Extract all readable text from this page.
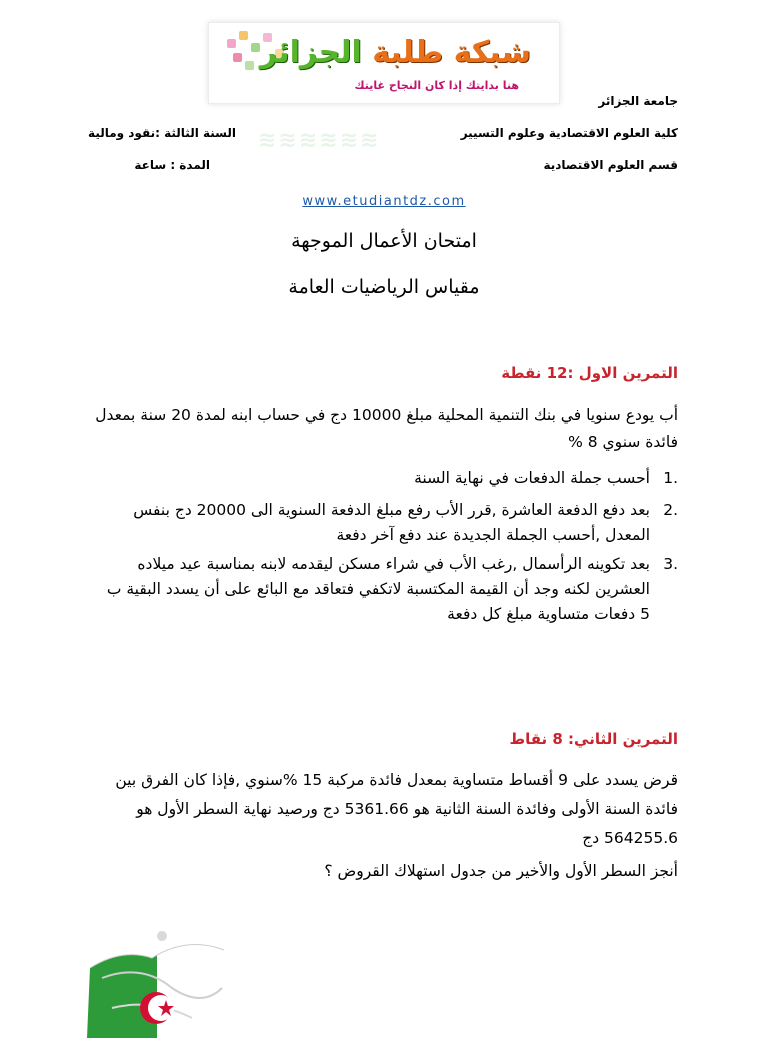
شبكة طلبة الجزائر
هنا بدايتك إذا كان النجاح غايتك
≋≋≋≋≋≋
جامعة الجزائر
كلية العلوم الاقتصادية وعلوم التسيير
السنة الثالثة :نقود ومالية
قسم العلوم الاقتصادية
المدة : ساعة
www.etudiantdz.com
امتحان الأعمال الموجهة
مقياس الرياضيات العامة
التمرين الاول :12 نقطة
أب يودع سنويا في بنك التنمية المحلية مبلغ 10000 دج في حساب ابنه لمدة 20 سنة بمعدل
فائدة سنوي 8 %
.1
أحسب جملة الدفعات في نهاية السنة
.2
بعد دفع الدفعة العاشرة ,قرر الأب رفع مبلغ الدفعة السنوية الى 20000 دج بنفس
المعدل ,أحسب الجملة الجديدة عند دفع آخر دفعة
.3
بعد تكوينه الرأسمال ,رغب الأب في شراء مسكن ليقدمه لابنه بمناسبة عيد ميلاده
العشرين لكنه وجد أن القيمة المكتسبة لاتكفي فتعاقد مع البائع على أن يسدد البقية ب
5 دفعات متساوية مبلغ كل دفعة
التمرين الثاني: 8 نقاط
قرض يسدد على 9 أقساط متساوية بمعدل فائدة مركبة 15 %سنوي ,فإذا كان الفرق بين
فائدة السنة الأولى وفائدة السنة الثانية هو 5361.66 دج ورصيد نهاية السطر الأول هو
564255.6 دج
أنجز السطر الأول والأخير من جدول استهلاك القروض ؟
